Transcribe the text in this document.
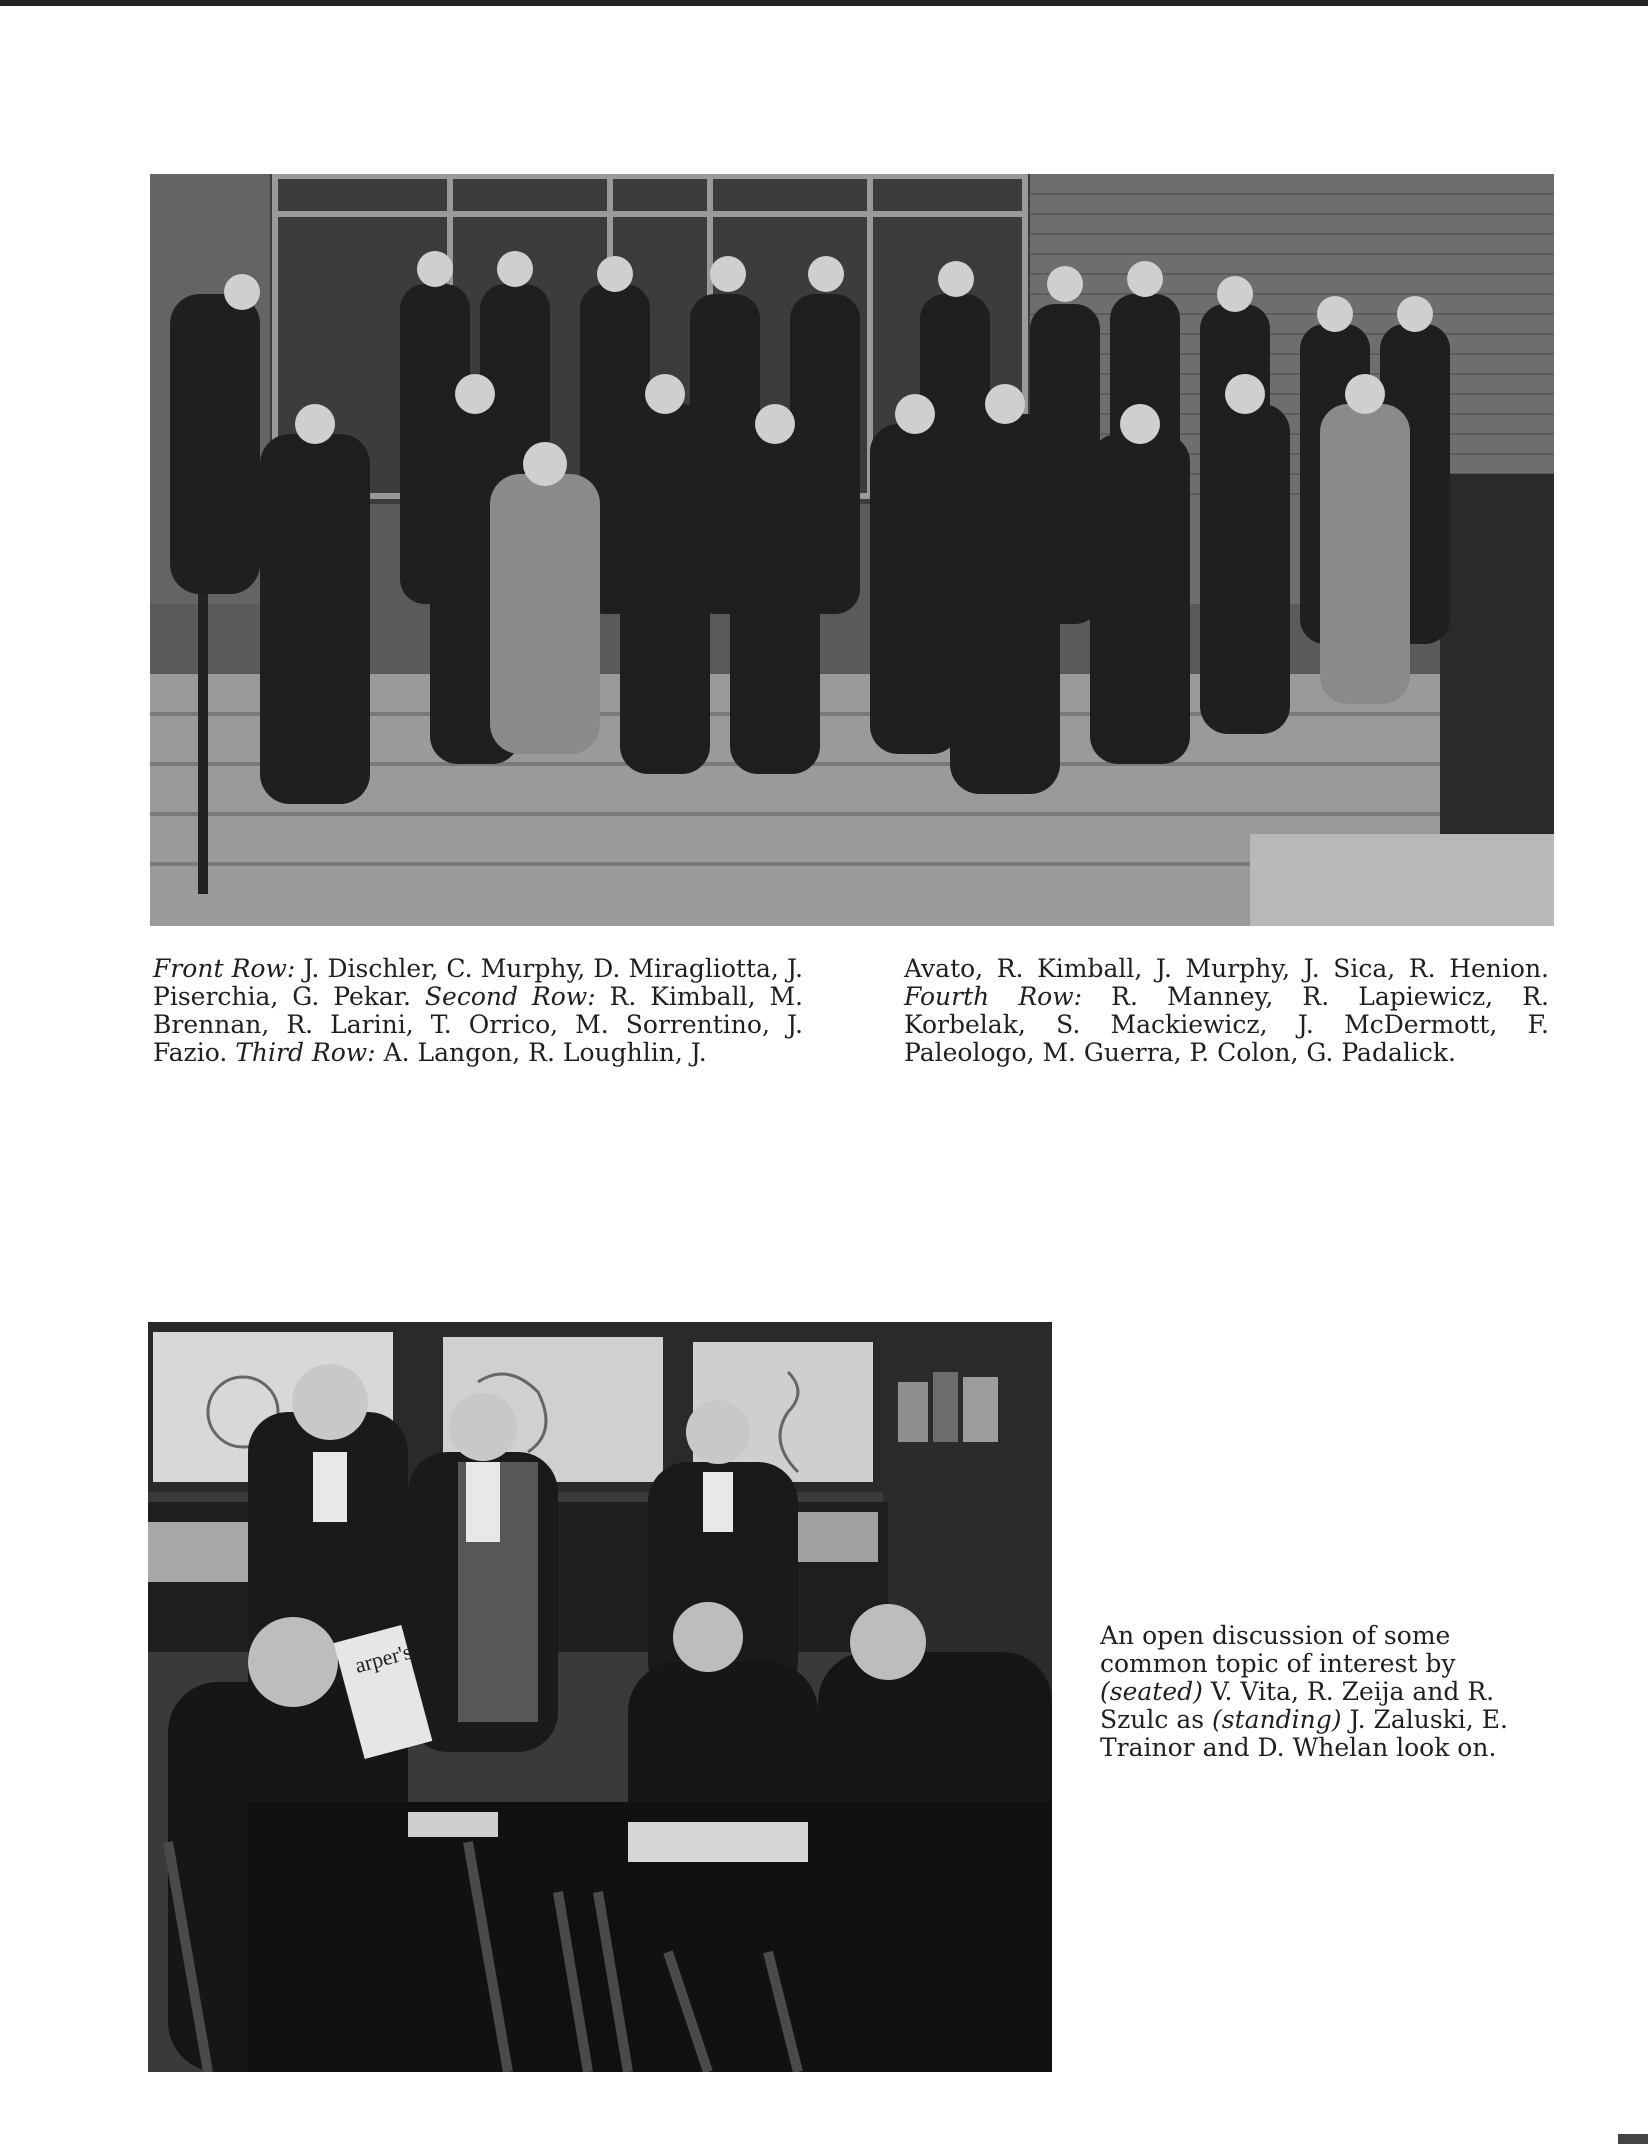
Front Row: J. Dischler, C. Murphy, D. Miragliotta, J. Piserchia, G. Pekar. Second Row: R. Kimball, M. Brennan, R. Larini, T. Orrico, M. Sorrentino, J. Fazio. Third Row: A. Langon, R. Loughlin, J.
Avato, R. Kimball, J. Murphy, J. Sica, R. Henion. Fourth Row: R. Manney, R. Lapiewicz, R. Korbelak, S. Mackiewicz, J. McDermott, F. Paleologo, M. Guerra, P. Colon, G. Padalick.
arper's
An open discussion of some common topic of interest by (seated) V. Vita, R. Zeija and R. Szulc as (standing) J. Zaluski, E. Trainor and D. Whelan look on.
